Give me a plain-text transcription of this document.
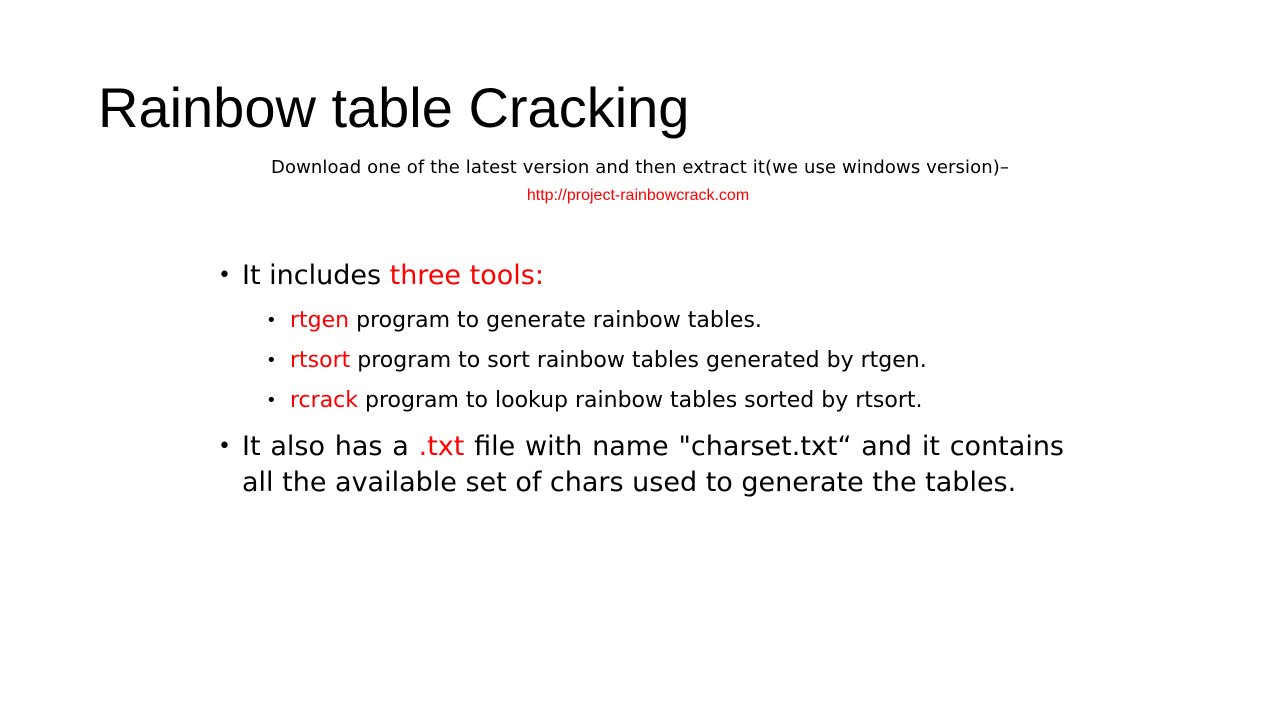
Rainbow table Cracking
Download one of the latest version and then extract it(we use windows version)–
http://project-rainbowcrack.com
• It includes three tools:
• rtgen program to generate rainbow tables.
• rtsort program to sort rainbow tables generated by rtgen.
• rcrack program to lookup rainbow tables sorted by rtsort.
• It also has a .txt file with name "charset.txt“ and it contains all the available set of chars used to generate the tables.
